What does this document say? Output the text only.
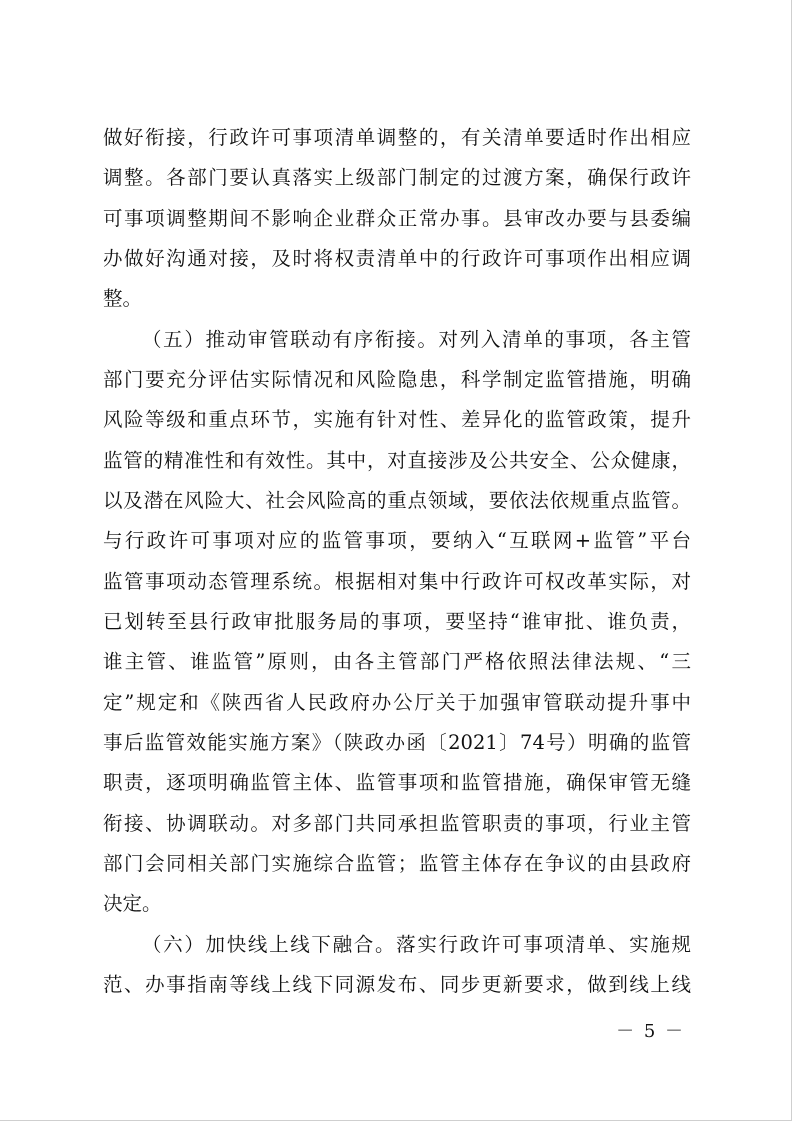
做好衔接，行政许可事项清单调整的，有关清单要适时作出相应
调整。各部门要认真落实上级部门制定的过渡方案，确保行政许
可事项调整期间不影响企业群众正常办事。县审改办要与县委编
办做好沟通对接，及时将权责清单中的行政许可事项作出相应调
整。
（五）推动审管联动有序衔接。对列入清单的事项，各主管
部门要充分评估实际情况和风险隐患，科学制定监管措施，明确
风险等级和重点环节，实施有针对性、差异化的监管政策，提升
监管的精准性和有效性。其中，对直接涉及公共安全、公众健康，
以及潜在风险大、社会风险高的重点领域，要依法依规重点监管。
与行政许可事项对应的监管事项，要纳入“互联网+监管”平台
监管事项动态管理系统。根据相对集中行政许可权改革实际，对
已划转至县行政审批服务局的事项，要坚持“谁审批、谁负责，
谁主管、谁监管”原则，由各主管部门严格依照法律法规、“三
定”规定和《陕西省人民政府办公厅关于加强审管联动提升事中
事后监管效能实施方案》（陕政办函〔2021〕74号）明确的监管
职责，逐项明确监管主体、监管事项和监管措施，确保审管无缝
衔接、协调联动。对多部门共同承担监管职责的事项，行业主管
部门会同相关部门实施综合监管；监管主体存在争议的由县政府
决定。
（六）加快线上线下融合。落实行政许可事项清单、实施规
范、办事指南等线上线下同源发布、同步更新要求，做到线上线
－ 5 －
